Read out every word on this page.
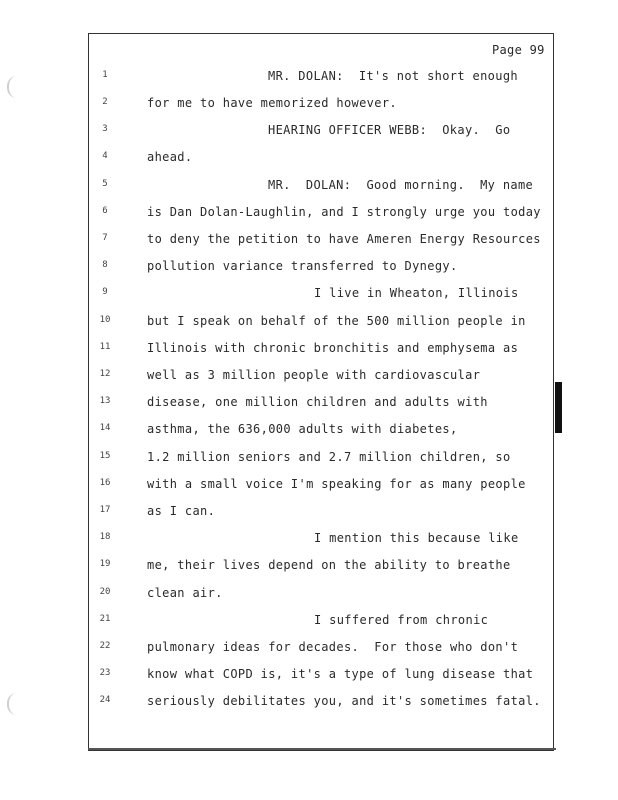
Page 99
1
2
3
4
5
6
7
8
9
10
11
12
13
14
15
16
17
18
19
20
21
22
23
24
MR. DOLAN:  It's not short enough
for me to have memorized however.
HEARING OFFICER WEBB:  Okay.  Go
ahead.
MR.  DOLAN:  Good morning.  My name
is Dan Dolan-Laughlin, and I strongly urge you today
to deny the petition to have Ameren Energy Resources
pollution variance transferred to Dynegy.
I live in Wheaton, Illinois
but I speak on behalf of the 500 million people in
Illinois with chronic bronchitis and emphysema as
well as 3 million people with cardiovascular
disease, one million children and adults with
asthma, the 636,000 adults with diabetes,
1.2 million seniors and 2.7 million children, so
with a small voice I'm speaking for as many people
as I can.
I mention this because like
me, their lives depend on the ability to breathe
clean air.
I suffered from chronic
pulmonary ideas for decades.  For those who don't
know what COPD is, it's a type of lung disease that
seriously debilitates you, and it's sometimes fatal.
